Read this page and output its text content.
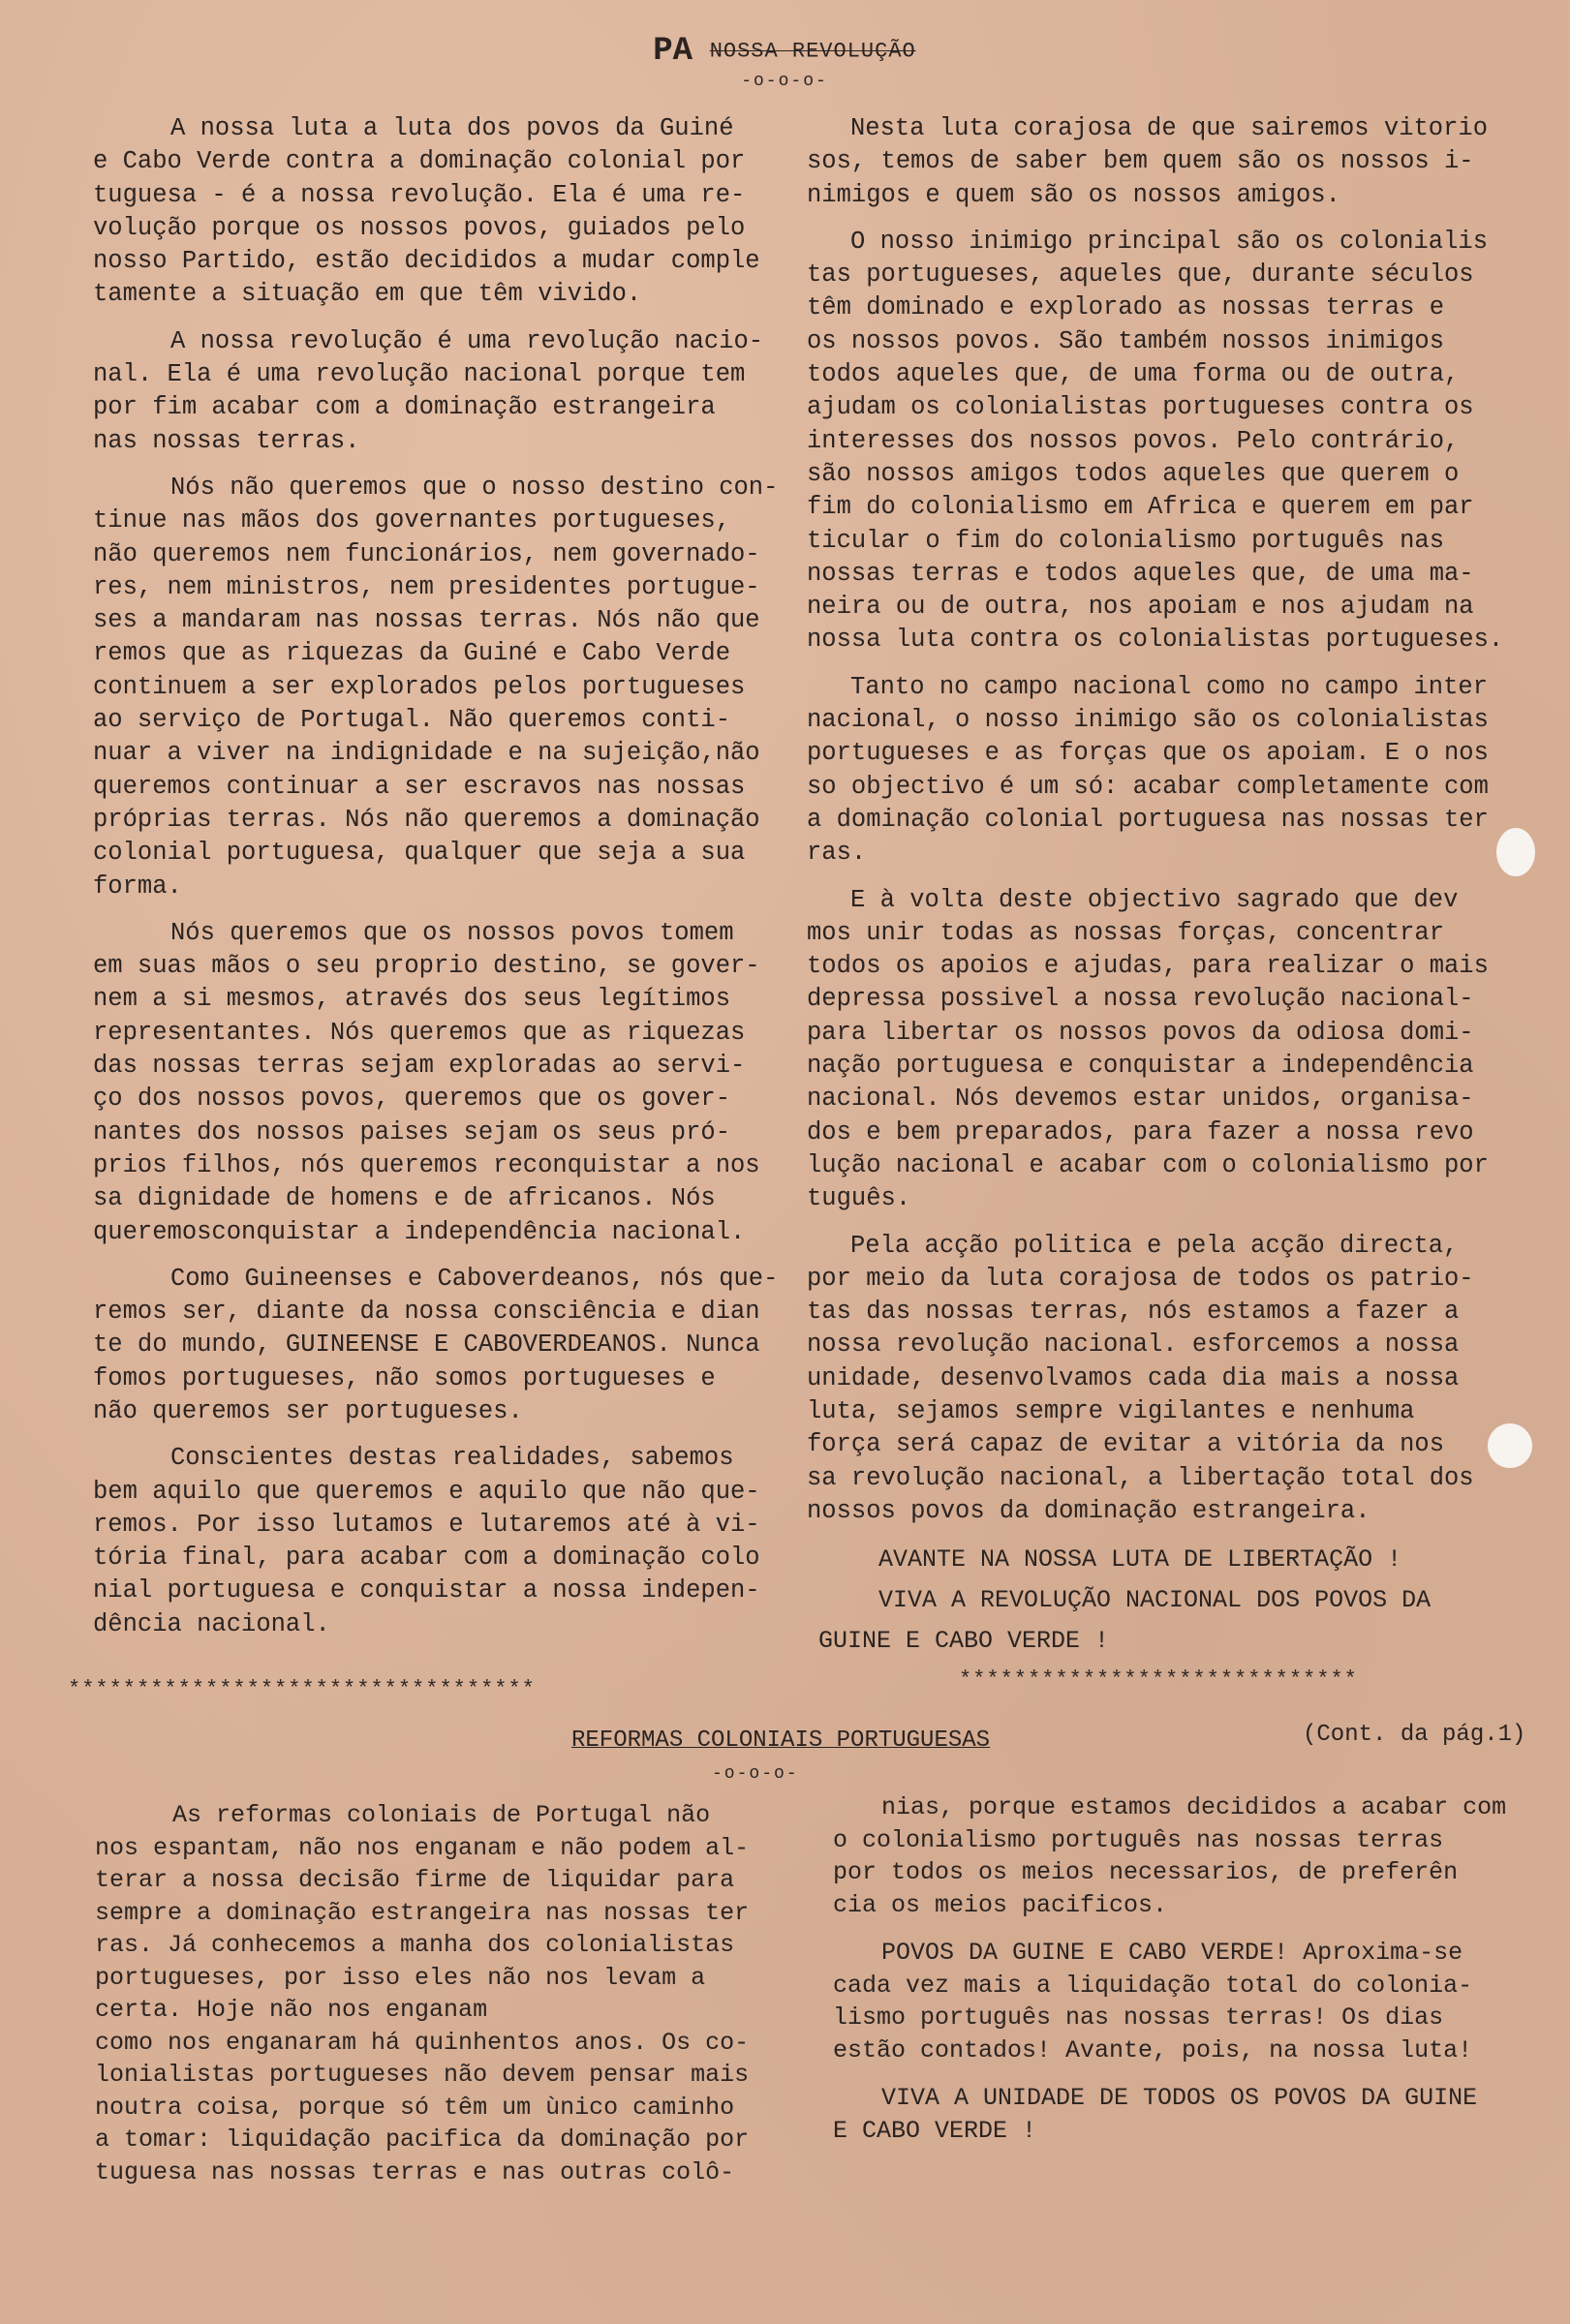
PA NOSSA REVOLUÇÃO
-o-o-o-

A nossa luta a luta dos povos da Guiné
e Cabo Verde contra a dominação colonial por
tuguesa - é a nossa revolução. Ela é uma re-
volução porque os nossos povos, guiados pelo
nosso Partido, estão decididos a mudar comple
tamente a situação em que têm vivido.

A nossa revolução é uma revolução nacio-
nal. Ela é uma revolução nacional porque tem
por fim acabar com a dominação estrangeira
nas nossas terras.

Nós não queremos que o nosso destino con-
tinue nas mãos dos governantes portugueses,
não queremos nem funcionários, nem governado-
res, nem ministros, nem presidentes portugue-
ses a mandaram nas nossas terras. Nós não que
remos que as riquezas da Guiné e Cabo Verde
continuem a ser explorados pelos portugueses
ao serviço de Portugal. Não queremos conti-
nuar a viver na indignidade e na sujeição,não
queremos continuar a ser escravos nas nossas
próprias terras. Nós não queremos a dominação
colonial portuguesa, qualquer que seja a sua
forma.

Nós queremos que os nossos povos tomem
em suas mãos o seu proprio destino, se gover-
nem a si mesmos, através dos seus legítimos
representantes. Nós queremos que as riquezas
das nossas terras sejam exploradas ao servi-
ço dos nossos povos, queremos que os gover-
nantes dos nossos paises sejam os seus pró-
prios filhos, nós queremos reconquistar a nos
sa dignidade de homens e de africanos. Nós
queremosconquistar a independência nacional.

Como Guineenses e Caboverdeanos, nós que-
remos ser, diante da nossa consciência e dian
te do mundo, GUINEENSE E CABOVERDEANOS. Nunca
fomos portugueses, não somos portugueses e
não queremos ser portugueses.

Conscientes destas realidades, sabemos
bem aquilo que queremos e aquilo que não que-
remos. Por isso lutamos e lutaremos até à vi-
tória final, para acabar com a dominação colo
nial portuguesa e conquistar a nossa indepen-
dência nacional.

Nesta luta corajosa de que sairemos vitorio
sos, temos de saber bem quem são os nossos i-
nimigos e quem são os nossos amigos.

O nosso inimigo principal são os colonialis
tas portugueses, aqueles que, durante séculos
têm dominado e explorado as nossas terras e
os nossos povos. São também nossos inimigos
todos aqueles que, de uma forma ou de outra,
ajudam os colonialistas portugueses contra os
interesses dos nossos povos. Pelo contrário,
são nossos amigos todos aqueles que querem o
fim do colonialismo em Africa e querem em par
ticular o fim do colonialismo português nas
nossas terras e todos aqueles que, de uma ma-
neira ou de outra, nos apoiam e nos ajudam na
nossa luta contra os colonialistas portugueses.

Tanto no campo nacional como no campo inter
nacional, o nosso inimigo são os colonialistas
portugueses e as forças que os apoiam. E o nos
so objectivo é um só: acabar completamente com
a dominação colonial portuguesa nas nossas ter
ras.

E à volta deste objectivo sagrado que dev
mos unir todas as nossas forças, concentrar
todos os apoios e ajudas, para realizar o mais
depressa possivel a nossa revolução nacional-
para libertar os nossos povos da odiosa domi-
nação portuguesa e conquistar a independência
nacional. Nós devemos estar unidos, organisa-
dos e bem preparados, para fazer a nossa revo
lução nacional e acabar com o colonialismo por
tuguês.

Pela acção politica e pela acção directa,
por meio da luta corajosa de todos os patrio-
tas das nossas terras, nós estamos a fazer a
nossa revolução nacional. esforcemos a nossa
unidade, desenvolvamos cada dia mais a nossa
luta, sejamos sempre vigilantes e nenhuma
força será capaz de evitar a vitória da nos
sa revolução nacional, a libertação total dos
nossos povos da dominação estrangeira.

AVANTE NA NOSSA LUTA DE LIBERTAÇÃO !
VIVA A REVOLUÇÃO NACIONAL DOS POVOS DA
GUINE E CABO VERDE !
**********************************	*****************************
REFORMAS COLONIAIS PORTUGUESAS
-o-o-o-
(Cont. da pág.1)
As reformas coloniais de Portugal não
nos espantam, não nos enganam e não podem al-
terar a nossa decisão firme de liquidar para
sempre a dominação estrangeira nas nossas ter
ras. Já conhecemos a manha dos colonialistas
portugueses, por isso eles não nos levam a
certa. Hoje não nos enganam
como nos enganaram há quinhentos anos. Os co-
lonialistas portugueses não devem pensar mais
noutra coisa, porque só têm um ùnico caminho
a tomar: liquidação pacifica da dominação por
tuguesa nas nossas terras e nas outras colô-

nias, porque estamos decididos a acabar com
o colonialismo português nas nossas terras
por todos os meios necessarios, de preferên
cia os meios pacificos.

POVOS DA GUINE E CABO VERDE! Aproxima-se
cada vez mais a liquidação total do colonia-
lismo português nas nossas terras! Os dias
estão contados! Avante, pois, na nossa luta!

VIVA A UNIDADE DE TODOS OS POVOS DA GUINE
E CABO VERDE !
